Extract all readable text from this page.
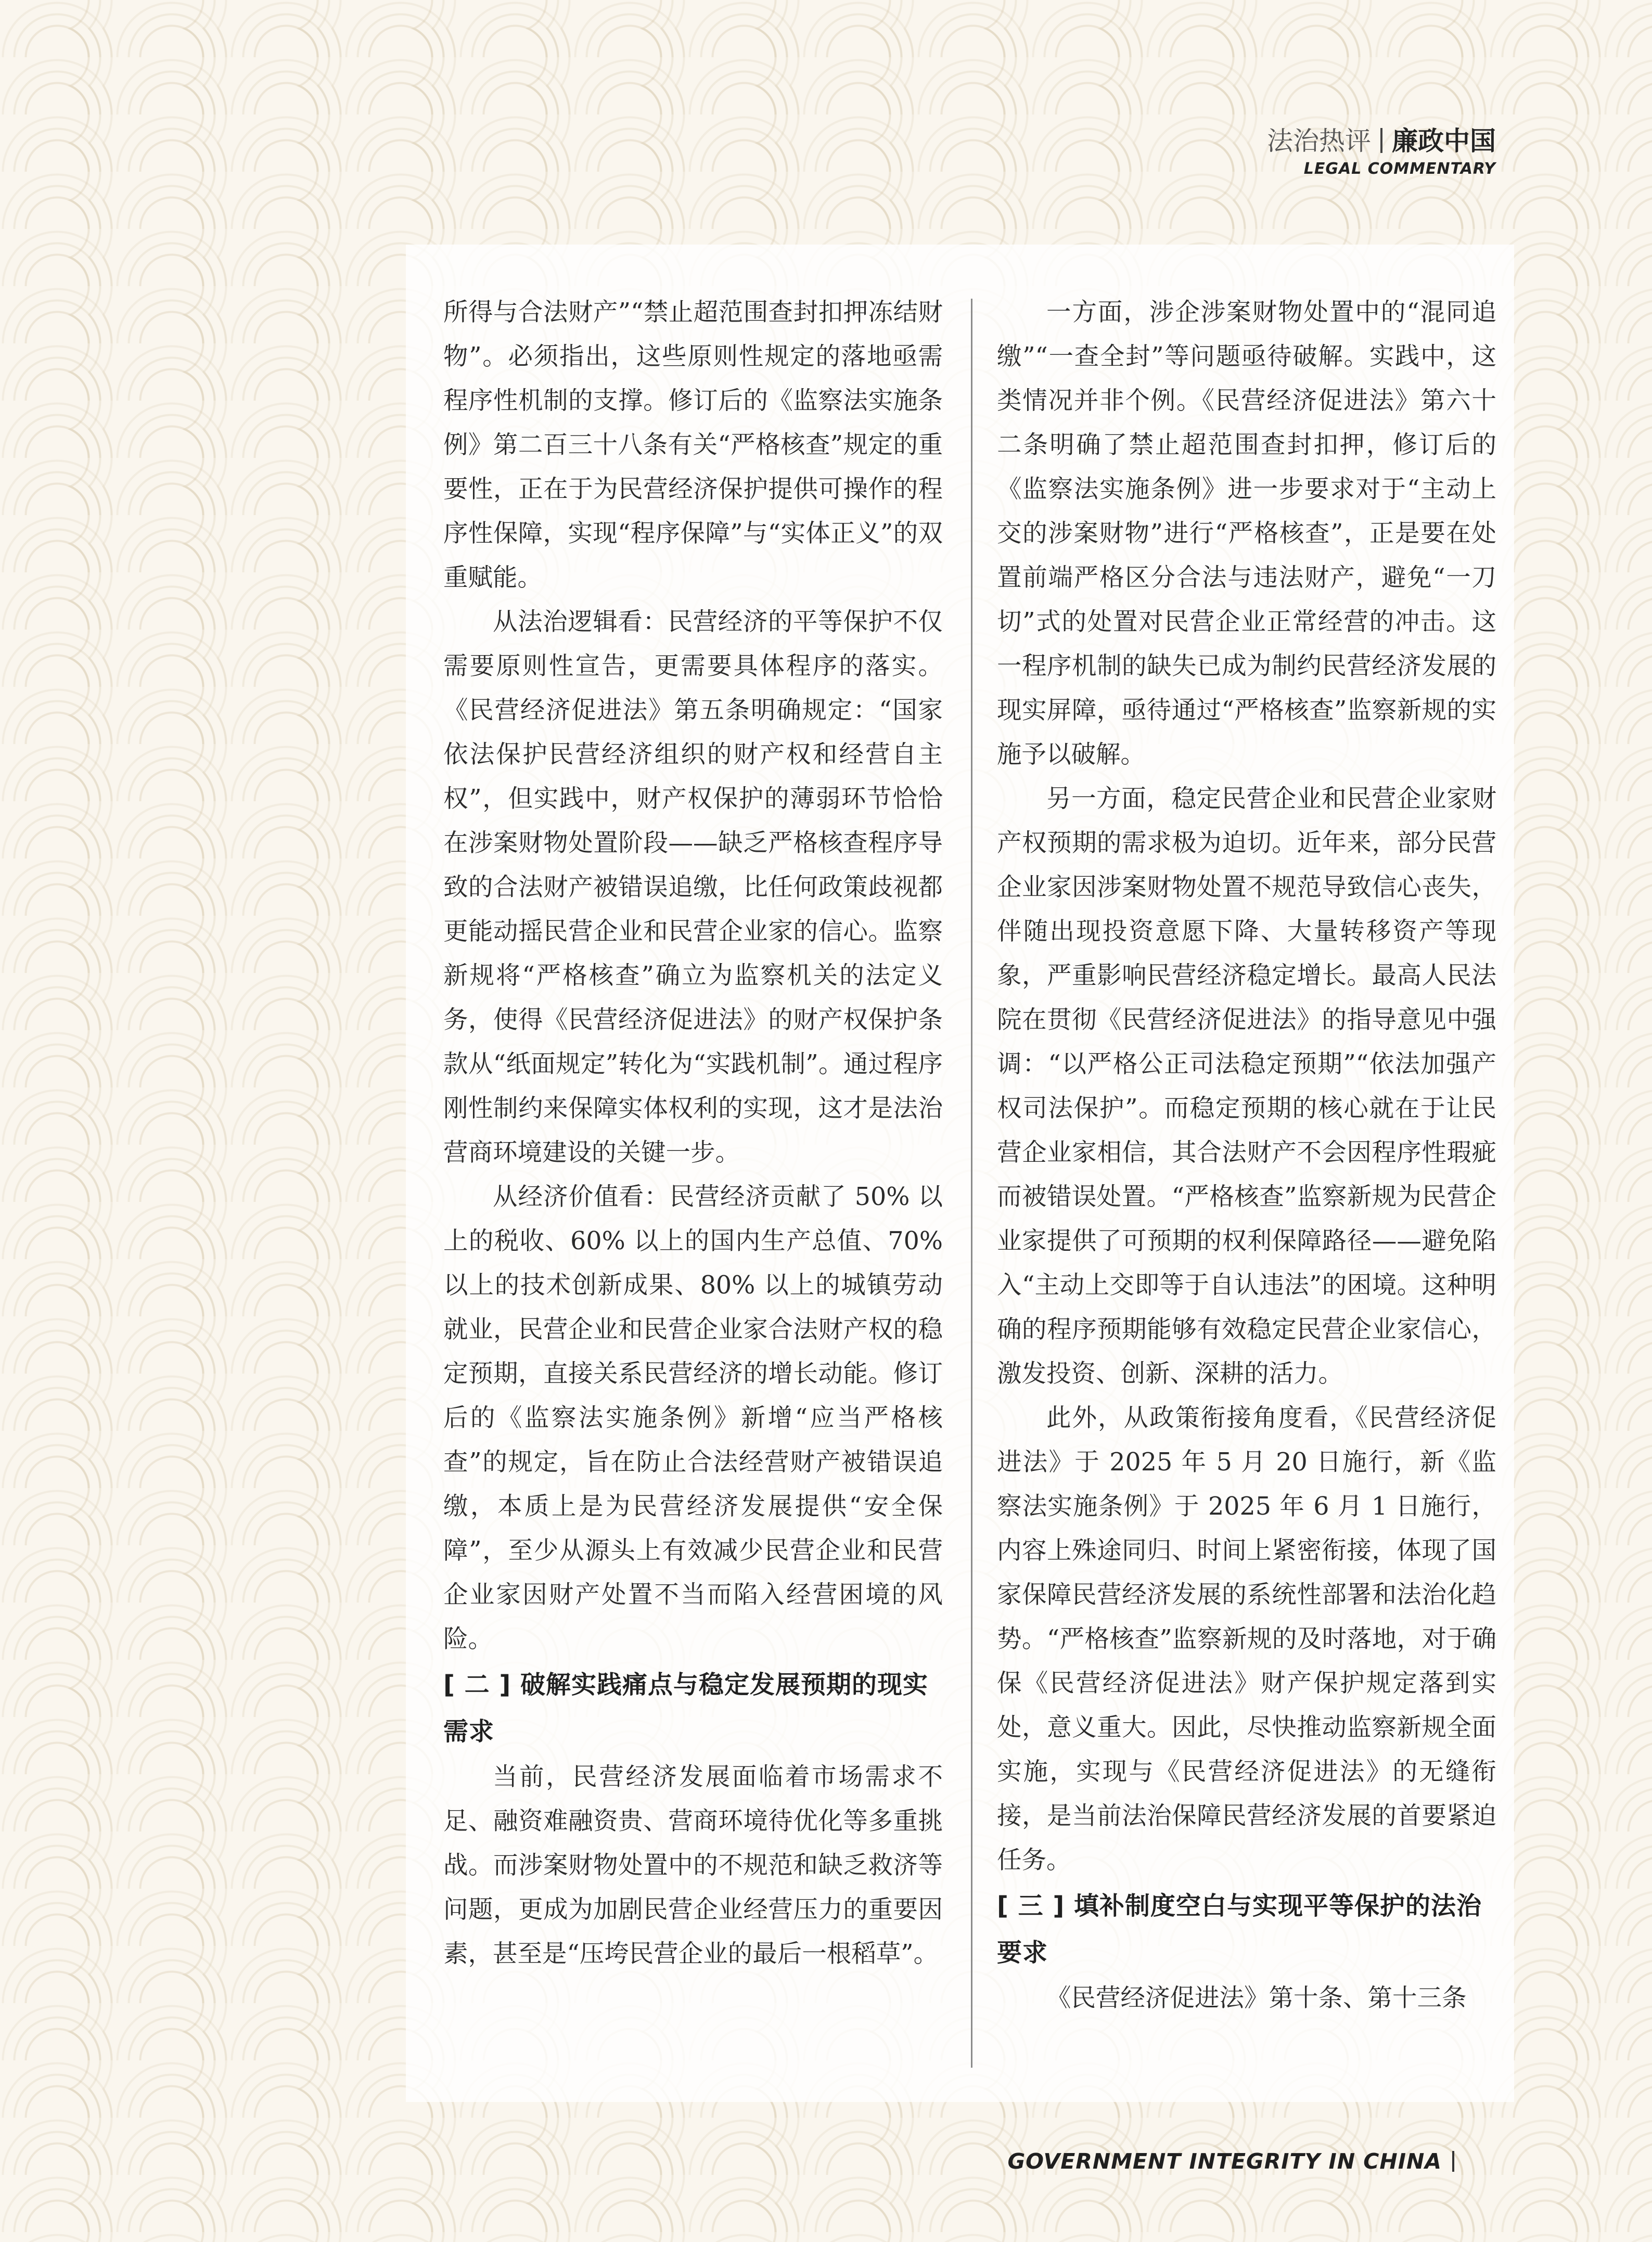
法治热评 廉政中国
LEGAL COMMENTARY

所得与合法财产”“禁止超范围查封扣押冻结财物”。必须指出，这些原则性规定的落地亟需程序性机制的支撑。修订后的《监察法实施条例》第二百三十八条有关“严格核查”规定的重要性，正在于为民营经济保护提供可操作的程序性保障，实现“程序保障”与“实体正义”的双重赋能。

从法治逻辑看：民营经济的平等保护不仅需要原则性宣告，更需要具体程序的落实。《民营经济促进法》第五条明确规定：“国家依法保护民营经济组织的财产权和经营自主权”，但实践中，财产权保护的薄弱环节恰恰在涉案财物处置阶段——缺乏严格核查程序导致的合法财产被错误追缴，比任何政策歧视都更能动摇民营企业和民营企业家的信心。监察新规将“严格核查”确立为监察机关的法定义务，使得《民营经济促进法》的财产权保护条款从“纸面规定”转化为“实践机制”。通过程序刚性制约来保障实体权利的实现，这才是法治营商环境建设的关键一步。

从经济价值看：民营经济贡献了 50% 以上的税收、60% 以上的国内生产总值、70% 以上的技术创新成果、80% 以上的城镇劳动就业，民营企业和民营企业家合法财产权的稳定预期，直接关系民营经济的增长动能。修订后的《监察法实施条例》新增“应当严格核查”的规定，旨在防止合法经营财产被错误追缴，本质上是为民营经济发展提供“安全保障”，至少从源头上有效减少民营企业和民营企业家因财产处置不当而陷入经营困境的风险。

[ 二 ] 破解实践痛点与稳定发展预期的现实需求

当前，民营经济发展面临着市场需求不足、融资难融资贵、营商环境待优化等多重挑战。而涉案财物处置中的不规范和缺乏救济等问题，更成为加剧民营企业经营压力的重要因素，甚至是“压垮民营企业的最后一根稻草”。

一方面，涉企涉案财物处置中的“混同追缴”“一查全封”等问题亟待破解。实践中，这类情况并非个例。《民营经济促进法》第六十二条明确了禁止超范围查封扣押，修订后的《监察法实施条例》进一步要求对于“主动上交的涉案财物”进行“严格核查”，正是要在处置前端严格区分合法与违法财产，避免“一刀切”式的处置对民营企业正常经营的冲击。这一程序机制的缺失已成为制约民营经济发展的现实屏障，亟待通过“严格核查”监察新规的实施予以破解。

另一方面，稳定民营企业和民营企业家财产权预期的需求极为迫切。近年来，部分民营企业家因涉案财物处置不规范导致信心丧失，伴随出现投资意愿下降、大量转移资产等现象，严重影响民营经济稳定增长。最高人民法院在贯彻《民营经济促进法》的指导意见中强调：“以严格公正司法稳定预期”“依法加强产权司法保护”。而稳定预期的核心就在于让民营企业家相信，其合法财产不会因程序性瑕疵而被错误处置。“严格核查”监察新规为民营企业家提供了可预期的权利保障路径——避免陷入“主动上交即等于自认违法”的困境。这种明确的程序预期能够有效稳定民营企业家信心，激发投资、创新、深耕的活力。

此外，从政策衔接角度看，《民营经济促进法》于 2025 年 5 月 20 日施行，新《监察法实施条例》于 2025 年 6 月 1 日施行，内容上殊途同归、时间上紧密衔接，体现了国家保障民营经济发展的系统性部署和法治化趋势。“严格核查”监察新规的及时落地，对于确保《民营经济促进法》财产保护规定落到实处，意义重大。因此，尽快推动监察新规全面实施，实现与《民营经济促进法》的无缝衔接，是当前法治保障民营经济发展的首要紧迫任务。

[ 三 ] 填补制度空白与实现平等保护的法治要求

《民营经济促进法》第十条、第十三条

GOVERNMENT INTEGRITY IN CHINA
